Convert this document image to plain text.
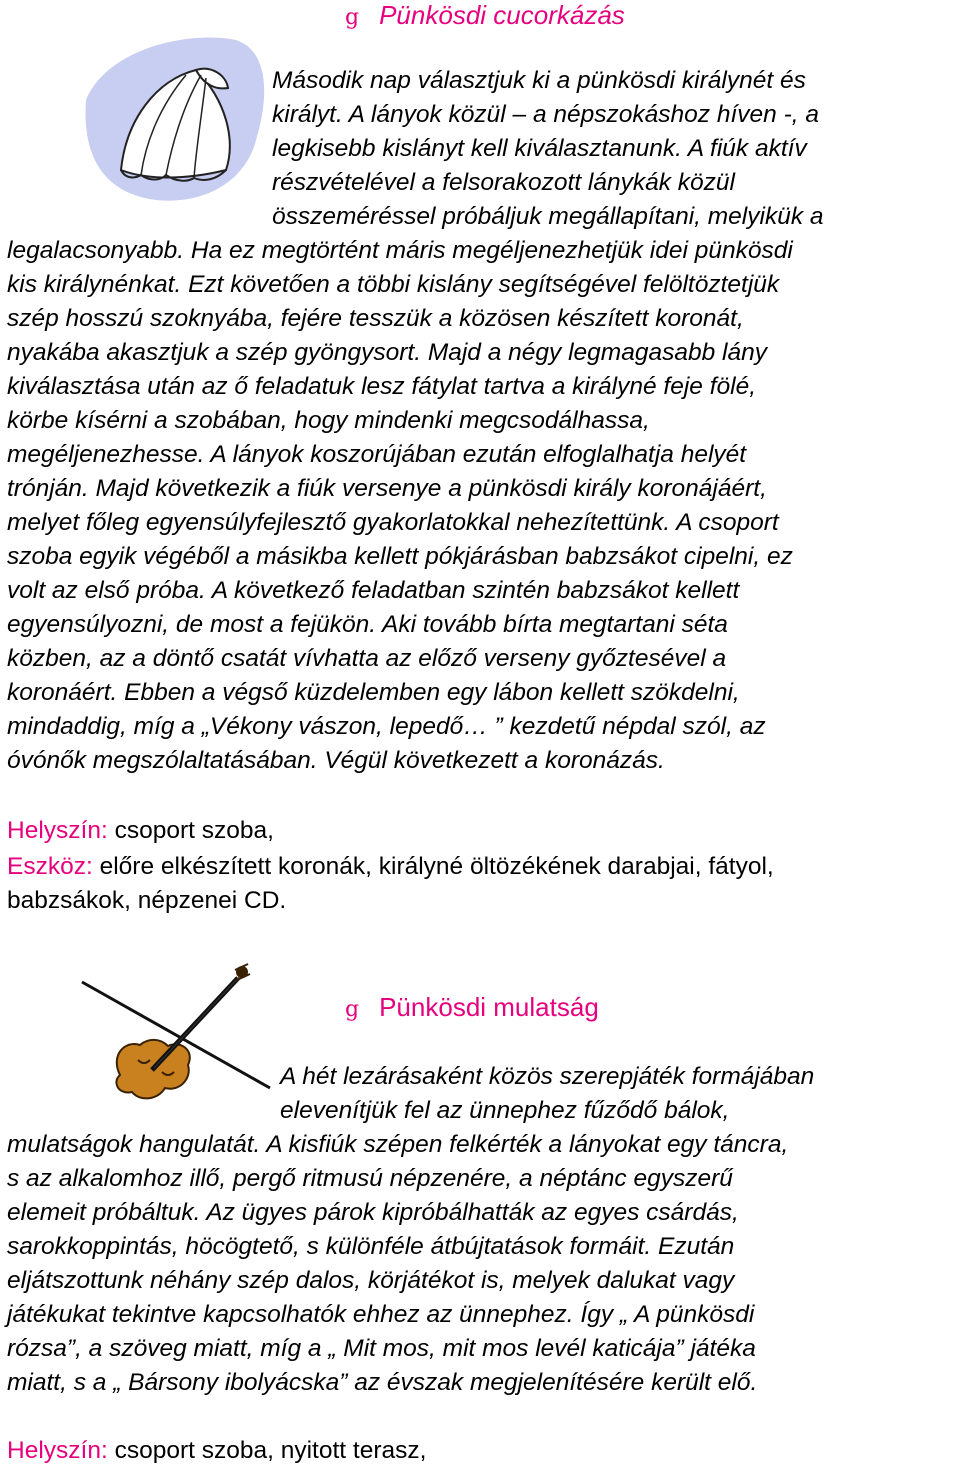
g Pünkösdi cucorkázás
Második nap választjuk ki a pünkösdi királynét és
királyt. A lányok közül – a népszokáshoz híven -, a
legkisebb kislányt kell kiválasztanunk. A fiúk aktív
részvételével a felsorakozott lánykák közül
összeméréssel próbáljuk megállapítani, melyikük a
legalacsonyabb. Ha ez megtörtént máris megéljenezhetjük idei pünkösdi
kis királynénkat. Ezt követően a többi kislány segítségével felöltöztetjük
szép hosszú szoknyába, fejére tesszük a közösen készített koronát,
nyakába akasztjuk a szép gyöngysort. Majd a négy legmagasabb lány
kiválasztása után az ő feladatuk lesz fátylat tartva a királyné feje fölé,
körbe kísérni a szobában, hogy mindenki megcsodálhassa,
megéljenezhesse. A lányok koszorújában ezután elfoglalhatja helyét
trónján. Majd következik a fiúk versenye a pünkösdi király koronájáért,
melyet főleg egyensúlyfejlesztő gyakorlatokkal nehezítettünk. A csoport
szoba egyik végéből a másikba kellett pókjárásban babzsákot cipelni, ez
volt az első próba. A következő feladatban szintén babzsákot kellett
egyensúlyozni, de most a fejükön. Aki tovább bírta megtartani séta
közben, az a döntő csatát vívhatta az előző verseny győztesével a
koronáért. Ebben a végső küzdelemben egy lábon kellett szökdelni,
mindaddig, míg a „Vékony vászon, lepedő… ” kezdetű népdal szól, az
óvónők megszólaltatásában. Végül következett a koronázás.
Helyszín: csoport szoba,
Eszköz: előre elkészített koronák, királyné öltözékének darabjai, fátyol,
babzsákok, népzenei CD.
g Pünkösdi mulatság
A hét lezárásaként közös szerepjáték formájában
elevenítjük fel az ünnephez fűződő bálok,
mulatságok hangulatát. A kisfiúk szépen felkérték a lányokat egy táncra,
s az alkalomhoz illő, pergő ritmusú népzenére, a néptánc egyszerű
elemeit próbáltuk. Az ügyes párok kipróbálhatták az egyes csárdás,
sarokkoppintás, höcögtető, s különféle átbújtatások formáit. Ezután
eljátszottunk néhány szép dalos, körjátékot is, melyek dalukat vagy
játékukat tekintve kapcsolhatók ehhez az ünnephez. Így „ A pünkösdi
rózsa”, a szöveg miatt, míg a „ Mit mos, mit mos levél katicája” játéka
miatt, s a „ Bársony ibolyácska” az évszak megjelenítésére került elő.
Helyszín: csoport szoba, nyitott terasz,
